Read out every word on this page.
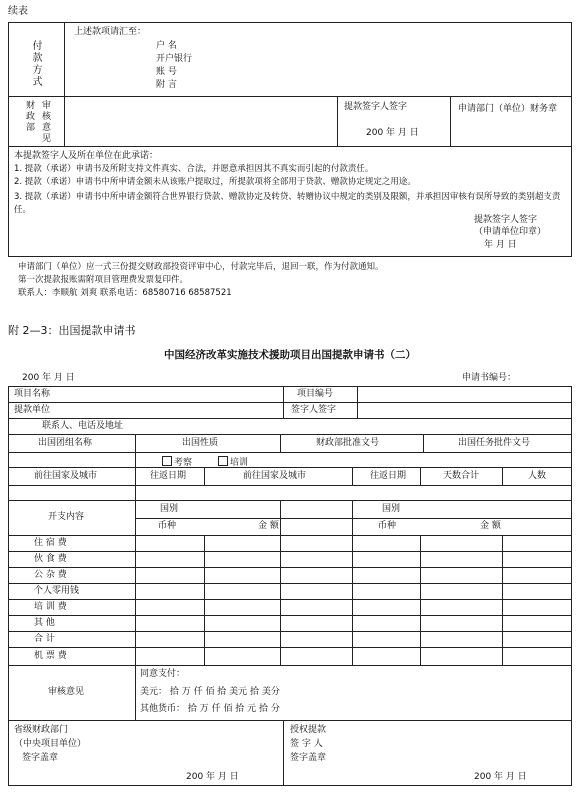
续表
付款方式
上述款项请汇至：
户 名
开户银行
账 号
附 言
财政部 审核意见	提款签字人签字
200 年 月 日
申请部门（单位）财务章
本提款签字人及所在单位在此承诺：
1. 提款（承诺）申请书及所附支持文件真实、合法，并愿意承担因其不真实而引起的付款责任。
2. 提款（承诺）申请书中所申请金额未从该账户提取过，所提款项将全部用于贷款、赠款协定规定之用途。
3. 提款（承诺）申请书中所申请金额符合世界银行贷款、赠款协定及转贷、转赠协议中规定的类别及限额，并承担因审核有误所导致的类别超支责任。
提款签字人签字
（申请单位印章）
年 月 日
申请部门（单位）应一式三份提交财政部投资评审中心，付款完毕后，退回一联，作为付款通知。
第一次提款报账需附项目管理费发票复印件。
联系人：李顺航 刘爽 联系电话：68580716 68587521
附 2—3：出国提款申请书
中国经济改革实施技术援助项目出国提款申请书（二）
200 年 月 日	申请书编号：
项目名称	项目编号
提款单位	签字人签字
联系人、电话及地址
出国团组名称	出国性质	财政部批准文号	出国任务批件文号
考察	培训
前往国家及城市	往返日期	前往国家及城市	往返日期	天数合计	人数
开支内容
国别	国别
币种	金 额	币种	金 额
住 宿 费
伙 食 费
公 杂 费
个人零用钱
培 训 费
其 他
合 计
机 票 费
审核意见
同意支付：
美元： 拾 万 仟 佰 拾 美元 拾 美分
其他货币： 拾 万 仟 佰 拾 元 拾 分
省级财政部门
（中央项目单位）
签字盖章
200 年 月 日
授权提款
签 字 人
签字盖章
200 年 月 日
